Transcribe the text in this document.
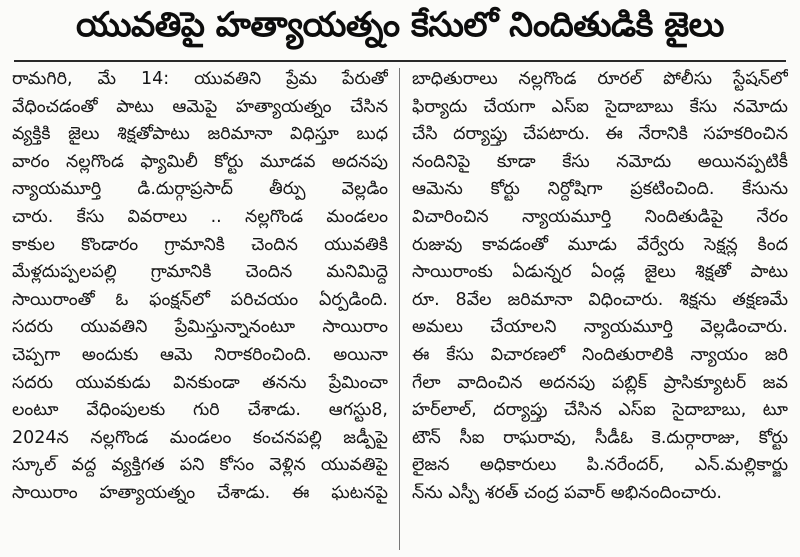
యువతిపై హత్యాయత్నం కేసులో నిందితుడికి జైలు
రామగిరి, మే 14: యువతిని ప్రేమ పేరుతో
వేధించడంతో పాటు ఆమెపై హత్యాయత్నం చేసిన
వ్యక్తికి జైలు శిక్షతోపాటు జరిమానా విధిస్తూ బుధ
వారం నల్లగొండ ఫ్యామిలీ కోర్టు మూడవ అదనపు
న్యాయమూర్తి డి.దుర్గాప్రసాద్ తీర్పు వెల్లడిం
చారు. కేసు వివరాలు .. నల్లగొండ మండలం
కాకుల కొండారం గ్రామానికి చెందిన యువతికి
మేళ్లదుప్పలపల్లి గ్రామానికి చెందిన మనిమిద్దె
సాయిరాంతో ఓ ఫంక్షన్‌లో పరిచయం ఏర్పడింది.
సదరు యువతిని ప్రేమిస్తున్నానంటూ సాయిరాం
చెప్పగా అందుకు ఆమె నిరాకరించింది. అయినా
సదరు యువకుడు వినకుండా తనను ప్రేమించా
లంటూ వేధింపులకు గురి చేశాడు. ఆగస్టు8,
2024న నల్లగొండ మండలం కంచనపల్లి జడ్పీపై
స్కూల్ వద్ద వ్యక్తిగత పని కోసం వెళ్లిన యువతిపై
సాయిరాం హత్యాయత్నం చేశాడు. ఈ ఘటనపై
బాధితురాలు నల్లగొండ రూరల్ పోలీసు స్టేషన్‌లో
ఫిర్యాదు చేయగా ఎస్ఐ సైదాబాబు కేసు నమోదు
చేసి దర్యాప్తు చేపటారు. ఈ నేరానికి సహకరించిన
నందినిపై కూడా కేసు నమోదు అయినప్పటికీ
ఆమెను కోర్టు నిర్దోషిగా ప్రకటించింది. కేసును
విచారించిన న్యాయమూర్తి నిందితుడిపై నేరం
రుజువు కావడంతో మూడు వేర్వేరు సెక్షన్ల కింద
సాయిరాంకు ఏడున్నర ఏండ్ల జైలు శిక్షతో పాటు
రూ. 8వేల జరిమానా విధించారు. శిక్షను తక్షణమే
అమలు చేయాలని న్యాయమూర్తి వెల్లడించారు.
ఈ కేసు విచారణలో నిందితురాలికి న్యాయం జరి
గేలా వాదించిన అదనపు పబ్లిక్ ప్రాసిక్యూటర్ జవ
హర్‌లాల్, దర్యాప్తు చేసిన ఎస్ఐ సైదాబాబు, టూ
టౌన్ సీఐ రాఘరావు, సీడీఓ కె.దుర్గారాజు, కోర్టు
లైజన అధికారులు పి.నరేందర్, ఎన్.మల్లికార్జు
న్‌ను ఎస్పీ శరత్ చంద్ర పవార్ అభినందించారు.
